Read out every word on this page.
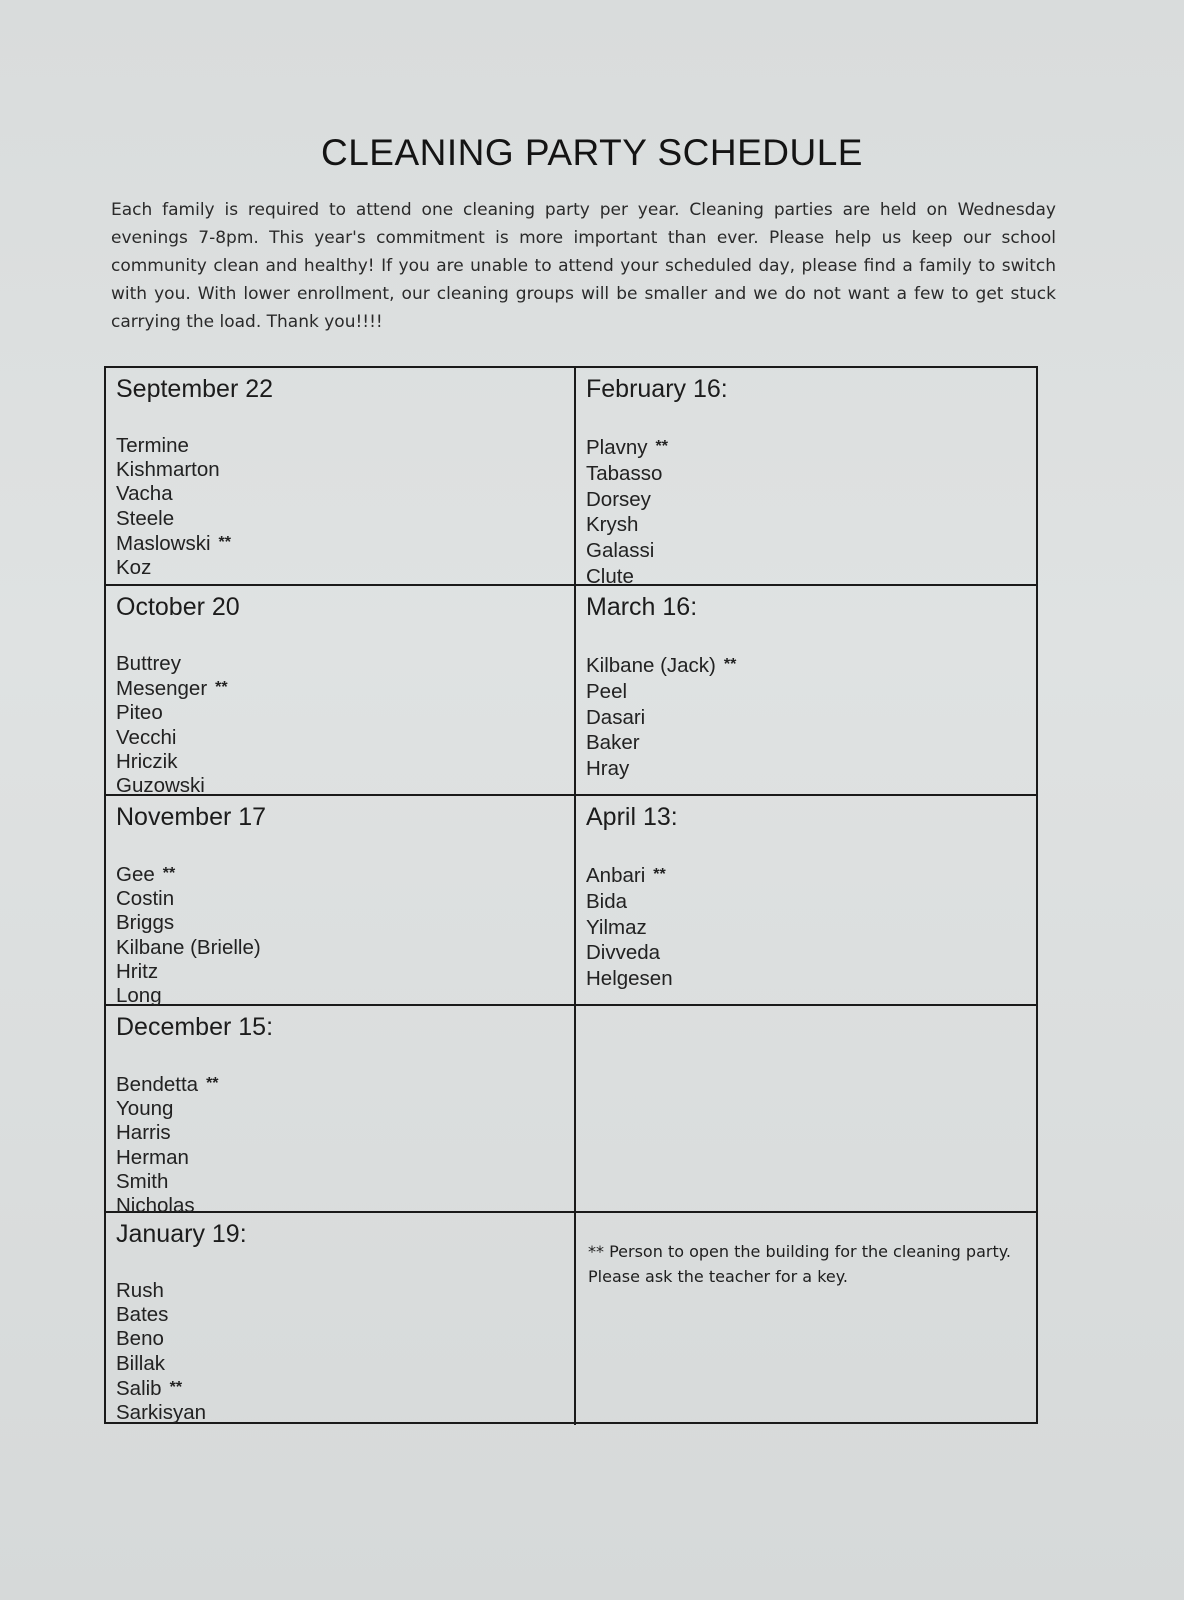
CLEANING PARTY SCHEDULE
Each family is required to attend one cleaning party per year. Cleaning parties are held on Wednesday evenings 7-8pm. This year's commitment is more important than ever. Please help us keep our school community clean and healthy! If you are unable to attend your scheduled day, please find a family to switch with you. With lower enrollment, our cleaning groups will be smaller and we do not want a few to get stuck carrying the load. Thank you!!!!
September 22
Termine
Kishmarton
Vacha
Steele
Maslowski **
Koz
February 16:
Plavny **
Tabasso
Dorsey
Krysh
Galassi
Clute
October 20
Buttrey
Mesenger **
Piteo
Vecchi
Hriczik
Guzowski
March 16:
Kilbane (Jack) **
Peel
Dasari
Baker
Hray
November 17
Gee **
Costin
Briggs
Kilbane (Brielle)
Hritz
Long
April 13:
Anbari **
Bida
Yilmaz
Divveda
Helgesen
December 15:
Bendetta **
Young
Harris
Herman
Smith
Nicholas
January 19:
Rush
Bates
Beno
Billak
Salib **
Sarkisyan
** Person to open the building for the cleaning party.
Please ask the teacher for a key.
